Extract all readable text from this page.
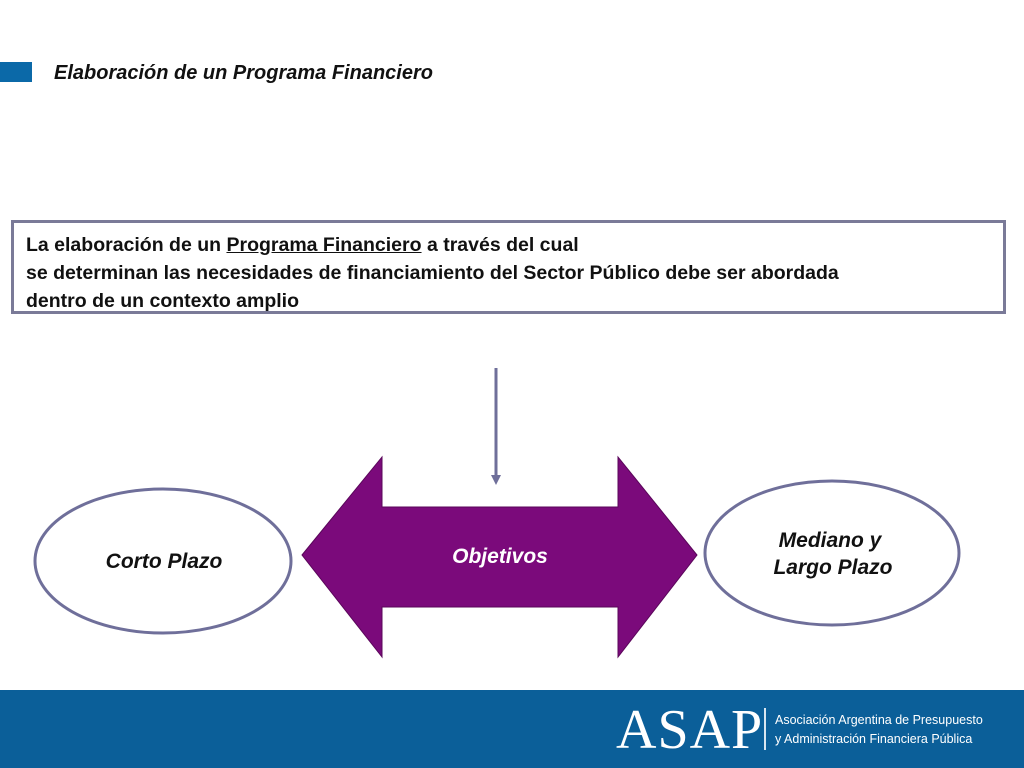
Elaboración de un Programa Financiero
La elaboración de un Programa Financiero a través del cual
se determinan las necesidades de financiamiento del Sector Público debe ser abordada
dentro de un contexto amplio
Objetivos
Corto Plazo
Mediano y
Largo Plazo
ASAP Asociación Argentina de Presupuesto
y Administración Financiera Pública
